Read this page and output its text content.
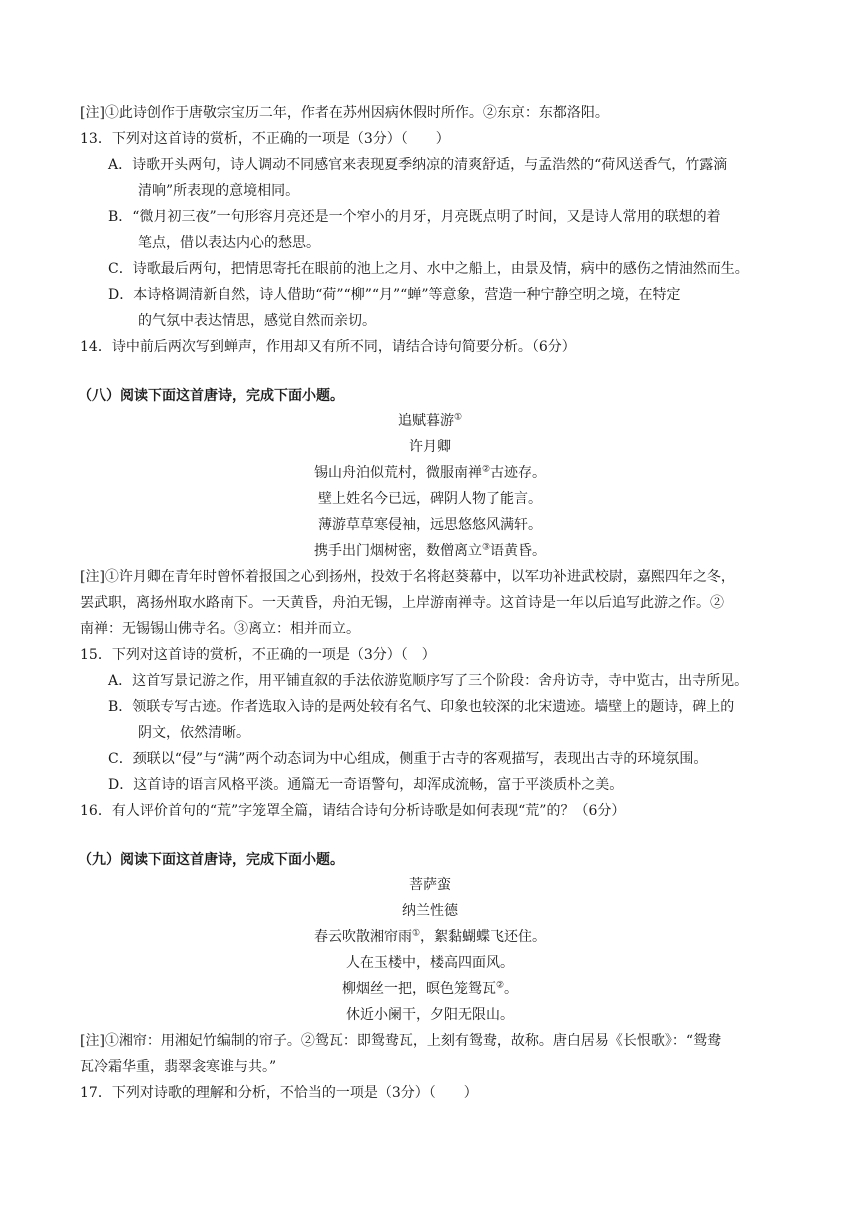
[注]①此诗创作于唐敬宗宝历二年，作者在苏州因病休假时所作。②东京：东都洛阳。
13．下列对这首诗的赏析，不正确的一项是（3分）（　　）
A．诗歌开头两句，诗人调动不同感官来表现夏季纳凉的清爽舒适，与孟浩然的“荷风送香气，竹露滴
清响”所表现的意境相同。
B．“微月初三夜”一句形容月亮还是一个窄小的月牙，月亮既点明了时间，又是诗人常用的联想的着
笔点，借以表达内心的愁思。
C．诗歌最后两句，把情思寄托在眼前的池上之月、水中之船上，由景及情，病中的感伤之情油然而生。
D．本诗格调清新自然，诗人借助“荷”“柳”“月”“蝉”等意象，营造一种宁静空明之境，在特定
的气氛中表达情思，感觉自然而亲切。
14．诗中前后两次写到蝉声，作用却又有所不同，请结合诗句简要分析。（6分）
（八）阅读下面这首唐诗，完成下面小题。
追赋暮游①
许月卿
锡山舟泊似荒村，微服南禅②古迹存。
壁上姓名今已远，碑阴人物了能言。
薄游草草寒侵袖，远思悠悠风满轩。
携手出门烟树密，数僧离立③语黄昏。
[注]①许月卿在青年时曾怀着报国之心到扬州，投效于名将赵葵幕中，以军功补进武校尉，嘉熙四年之冬，
罢武职，离扬州取水路南下。一天黄昏，舟泊无锡，上岸游南禅寺。这首诗是一年以后追写此游之作。②
南禅：无锡锡山佛寺名。③离立：相并而立。
15．下列对这首诗的赏析，不正确的一项是（3分）（　）
A．这首写景记游之作，用平铺直叙的手法依游览顺序写了三个阶段：舍舟访寺，寺中览古，出寺所见。
B．领联专写古迹。作者选取入诗的是两处较有名气、印象也较深的北宋遗迹。墙壁上的题诗，碑上的
阴文，依然清晰。
C．颈联以“侵”与“满”两个动态词为中心组成，侧重于古寺的客观描写，表现出古寺的环境氛围。
D．这首诗的语言风格平淡。通篇无一奇语警句，却浑成流畅，富于平淡质朴之美。
16．有人评价首句的“荒”字笼罩全篇，请结合诗句分析诗歌是如何表现“荒”的？（6分）
（九）阅读下面这首唐诗，完成下面小题。
菩萨蛮
纳兰性德
春云吹散湘帘雨①，絮黏蝴蝶飞还住。
人在玉楼中，楼高四面风。
柳烟丝一把，暝色笼鸳瓦②。
休近小阑干，夕阳无限山。
[注]①湘帘：用湘妃竹编制的帘子。②鸳瓦：即鸳鸯瓦，上刻有鸳鸯，故称。唐白居易《长恨歌》：“鸳鸯
瓦冷霜华重，翡翠衾寒谁与共。”
17．下列对诗歌的理解和分析，不恰当的一项是（3分）（　　）
